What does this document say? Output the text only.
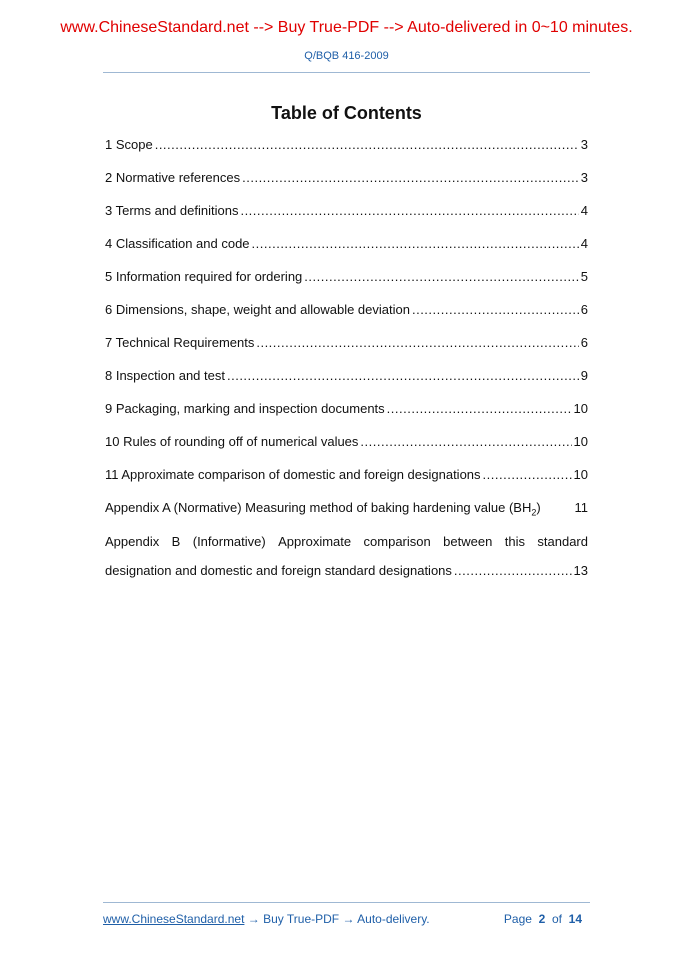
www.ChineseStandard.net --> Buy True-PDF --> Auto-delivered in 0~10 minutes.
Q/BQB 416-2009
Table of Contents
1 Scope .....	3
2 Normative references .....	3
3 Terms and definitions .....	4
4 Classification and code .....	4
5 Information required for ordering .....	5
6 Dimensions, shape, weight and allowable deviation .....	6
7 Technical Requirements .....	6
8 Inspection and test .....	9
9 Packaging, marking and inspection documents .....	10
10 Rules of rounding off of numerical values .....	10
11 Approximate comparison of domestic and foreign designations .....	10
Appendix A (Normative) Measuring method of baking hardening value $(BH_2)$	11
Appendix B (Informative) Approximate comparison between this standard
designation and domestic and foreign standard designations .....	13
www.ChineseStandard.net → Buy True-PDF → Auto-delivery.	Page 2 of 14
